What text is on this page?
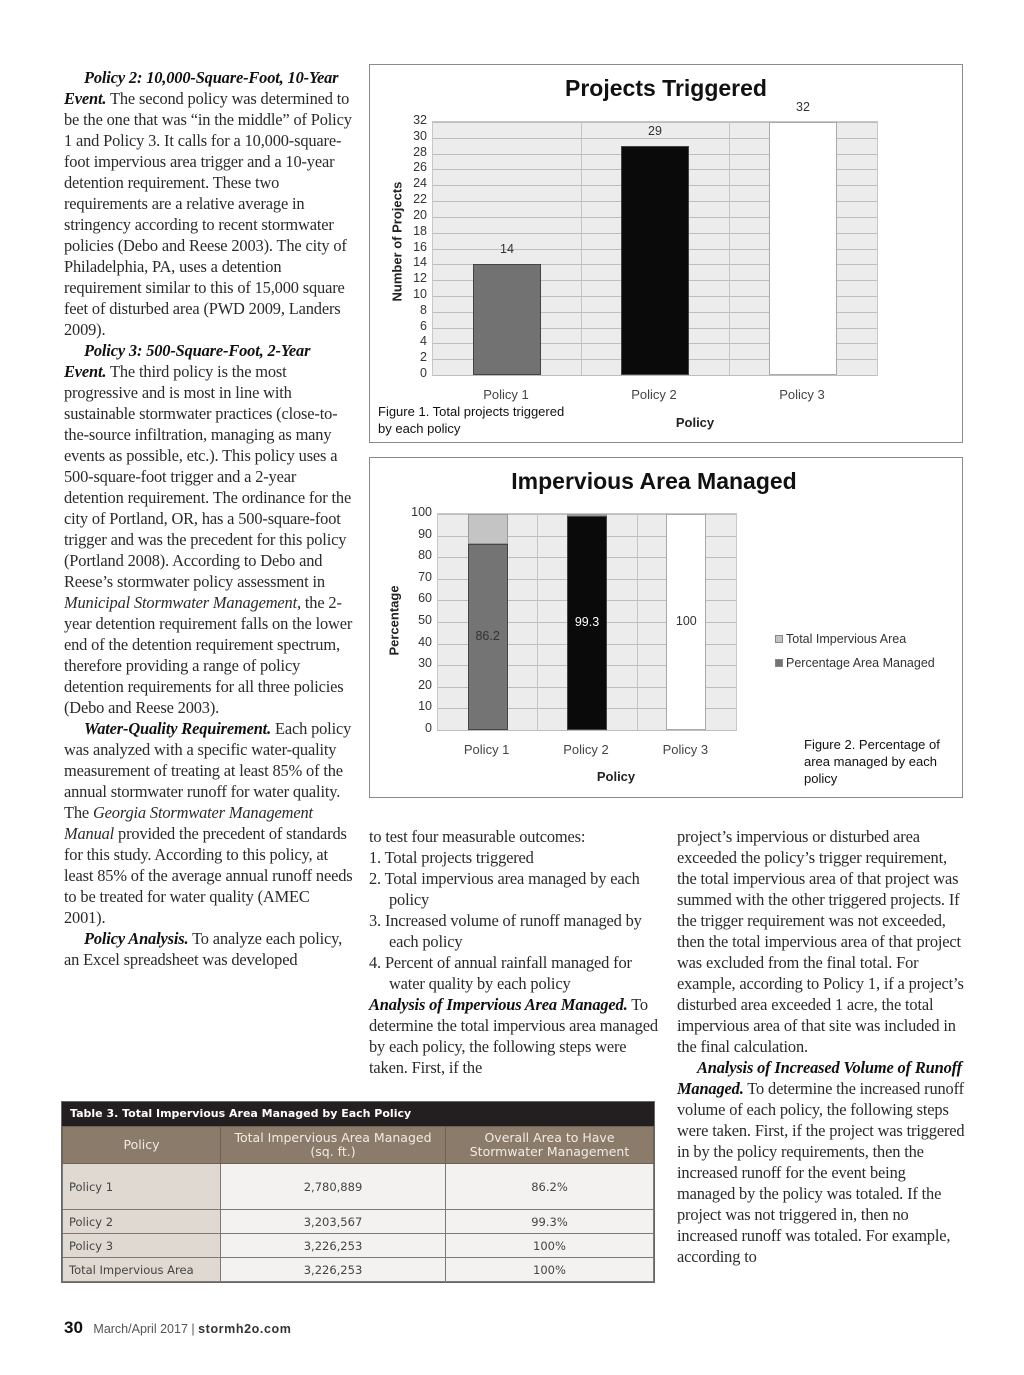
Policy 2: 10,000-Square-Foot, 10-Year Event. The second policy was determined to be the one that was “in the middle” of Policy 1 and Policy 3. It calls for a 10,000-square-foot impervious area trigger and a 10-year detention requirement. These two requirements are a relative average in stringency according to recent stormwater policies (Debo and Reese 2003). The city of Philadelphia, PA, uses a detention requirement similar to this of 15,000 square feet of disturbed area (PWD 2009, Landers 2009).

Policy 3: 500-Square-Foot, 2-Year Event. The third policy is the most progressive and is most in line with sustainable stormwater practices (close-to-the-source infiltration, managing as many events as possible, etc.). This policy uses a 500-square-foot trigger and a 2-year detention requirement. The ordinance for the city of Portland, OR, has a 500-square-foot trigger and was the precedent for this policy (Portland 2008). According to Debo and Reese’s stormwater policy assessment in Municipal Stormwater Management, the 2-year detention requirement falls on the lower end of the detention requirement spectrum, therefore providing a range of policy detention requirements for all three policies (Debo and Reese 2003).

Water-Quality Requirement. Each policy was analyzed with a specific water-quality measurement of treating at least 85% of the annual stormwater runoff for water quality. The Georgia Stormwater Management Manual provided the precedent of standards for this study. According to this policy, at least 85% of the average annual runoff needs to be treated for water quality (AMEC 2001).

Policy Analysis. To analyze each policy, an Excel spreadsheet was developed

Projects Triggered
Number of Projects
0
2
4
6
8
10
12
14
16
18
20
22
24
26
28
30
32
14
29
32
Policy 1	Policy 2	Policy 3
Policy
Figure 1. Total projects triggered by each policy
Impervious Area Managed
Percentage
0
10
20
30
40
50
60
70
80
90
100
86.2
99.3	100
Policy 1	Policy 2	Policy 3
Policy
Total Impervious Area
Percentage Area Managed
Figure 2. Percentage of area managed by each policy

to test four measurable outcomes:

1. Total projects triggered

2. Total impervious area managed by each policy

3. Increased volume of runoff managed by each policy

4. Percent of annual rainfall managed for water quality by each policy

Analysis of Impervious Area Managed. To determine the total impervious area managed by each policy, the following steps were taken. First, if the

project’s impervious or disturbed area exceeded the policy’s trigger requirement, the total impervious area of that project was summed with the other triggered projects. If the trigger requirement was not exceeded, then the total impervious area of that project was excluded from the final total. For example, according to Policy 1, if a project’s disturbed area exceeded 1 acre, the total impervious area of that site was included in the final calculation.

Analysis of Increased Volume of Runoff Managed. To determine the increased runoff volume of each policy, the following steps were taken. First, if the project was triggered in by the policy requirements, then the increased runoff for the event being managed by the policy was totaled. If the project was not triggered in, then no increased runoff was totaled. For example, according to

Table 3. Total Impervious Area Managed by Each Policy
Policy	Total Impervious Area Managed (sq. ft.)	Overall Area to Have Stormwater Management
Policy 1	2,780,889	86.2%
Policy 2	3,203,567	99.3%
Policy 3	3,226,253	100%
Total Impervious Area	3,226,253	100%
30 March/April 2017 | stormh2o.com
